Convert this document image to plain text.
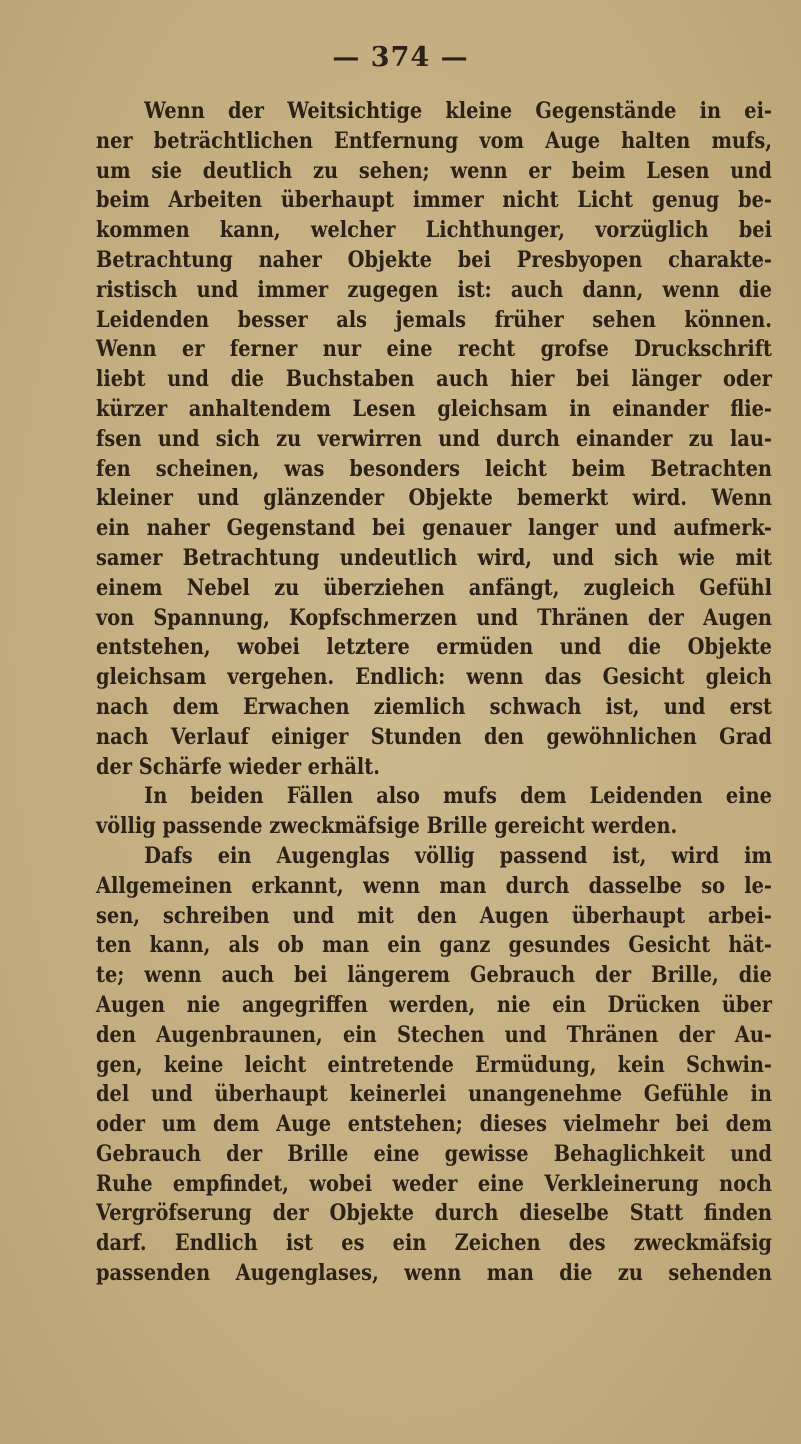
— 374 —
Wenn der Weitsichtige kleine Gegenstände in ei-
ner beträchtlichen Entfernung vom Auge halten mufs,
um sie deutlich zu sehen; wenn er beim Lesen und
beim Arbeiten überhaupt immer nicht Licht genug be-
kommen kann, welcher Lichthunger, vorzüglich bei
Betrachtung naher Objekte bei Presbyopen charakte-
ristisch und immer zugegen ist: auch dann, wenn die
Leidenden besser als jemals früher sehen können.
Wenn er ferner nur eine recht grofse Druckschrift
liebt und die Buchstaben auch hier bei länger oder
kürzer anhaltendem Lesen gleichsam in einander flie-
fsen und sich zu verwirren und durch einander zu lau-
fen scheinen, was besonders leicht beim Betrachten
kleiner und glänzender Objekte bemerkt wird. Wenn
ein naher Gegenstand bei genauer langer und aufmerk-
samer Betrachtung undeutlich wird, und sich wie mit
einem Nebel zu überziehen anfängt, zugleich Gefühl
von Spannung, Kopfschmerzen und Thränen der Augen
entstehen, wobei letztere ermüden und die Objekte
gleichsam vergehen. Endlich: wenn das Gesicht gleich
nach dem Erwachen ziemlich schwach ist, und erst
nach Verlauf einiger Stunden den gewöhnlichen Grad
der Schärfe wieder erhält.
In beiden Fällen also mufs dem Leidenden eine
völlig passende zweckmäfsige Brille gereicht werden.
Dafs ein Augenglas völlig passend ist, wird im
Allgemeinen erkannt, wenn man durch dasselbe so le-
sen, schreiben und mit den Augen überhaupt arbei-
ten kann, als ob man ein ganz gesundes Gesicht hät-
te; wenn auch bei längerem Gebrauch der Brille, die
Augen nie angegriffen werden, nie ein Drücken über
den Augenbraunen, ein Stechen und Thränen der Au-
gen, keine leicht eintretende Ermüdung, kein Schwin-
del und überhaupt keinerlei unangenehme Gefühle in
oder um dem Auge entstehen; dieses vielmehr bei dem
Gebrauch der Brille eine gewisse Behaglichkeit und
Ruhe empfindet, wobei weder eine Verkleinerung noch
Vergröfserung der Objekte durch dieselbe Statt finden
darf. Endlich ist es ein Zeichen des zweckmäfsig
passenden Augenglases, wenn man die zu sehenden
